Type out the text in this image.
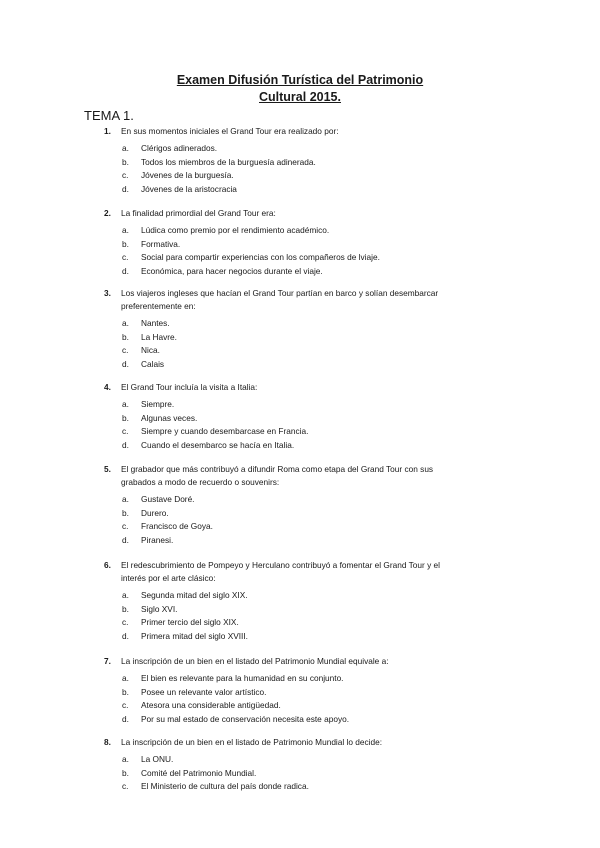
Examen Difusión Turística del Patrimonio
Cultural 2015.
TEMA 1.
1. En sus momentos iniciales el Grand Tour era realizado por:
a. Clérigos adinerados.
b. Todos los miembros de la burguesía adinerada.
c. Jóvenes de la burguesía.
d. Jóvenes de la aristocracia
2. La finalidad primordial del Grand Tour era:
a. Lúdica como premio por el rendimiento académico.
b. Formativa.
c. Social para compartir experiencias con los compañeros de lviaje.
d. Económica, para hacer negocios durante el viaje.
3. Los viajeros ingleses que hacían el Grand Tour partían en barco y solían desembarcar
preferentemente en:
a. Nantes.
b. La Havre.
c. Nica.
d. Calais
4. El Grand Tour incluía la visita a Italia:
a. Siempre.
b. Algunas veces.
c. Siempre y cuando desembarcase en Francia.
d. Cuando el desembarco se hacía en Italia.
5. El grabador que más contribuyó a difundir Roma como etapa del Grand Tour con sus
grabados a modo de recuerdo o souvenirs:
a. Gustave Doré.
b. Durero.
c. Francisco de Goya.
d. Piranesi.
6. El redescubrimiento de Pompeyo y Herculano contribuyó a fomentar el Grand Tour y el
interés por el arte clásico:
a. Segunda mitad del siglo XIX.
b. Siglo XVI.
c. Primer tercio del siglo XIX.
d. Primera mitad del siglo XVIII.
7. La inscripción de un bien en el listado del Patrimonio Mundial equivale a:
a. El bien es relevante para la humanidad en su conjunto.
b. Posee un relevante valor artístico.
c. Atesora una considerable antigüedad.
d. Por su mal estado de conservación necesita este apoyo.
8. La inscripción de un bien en el listado de Patrimonio Mundial lo decide:
a. La ONU.
b. Comité del Patrimonio Mundial.
c. El Ministerio de cultura del país donde radica.
